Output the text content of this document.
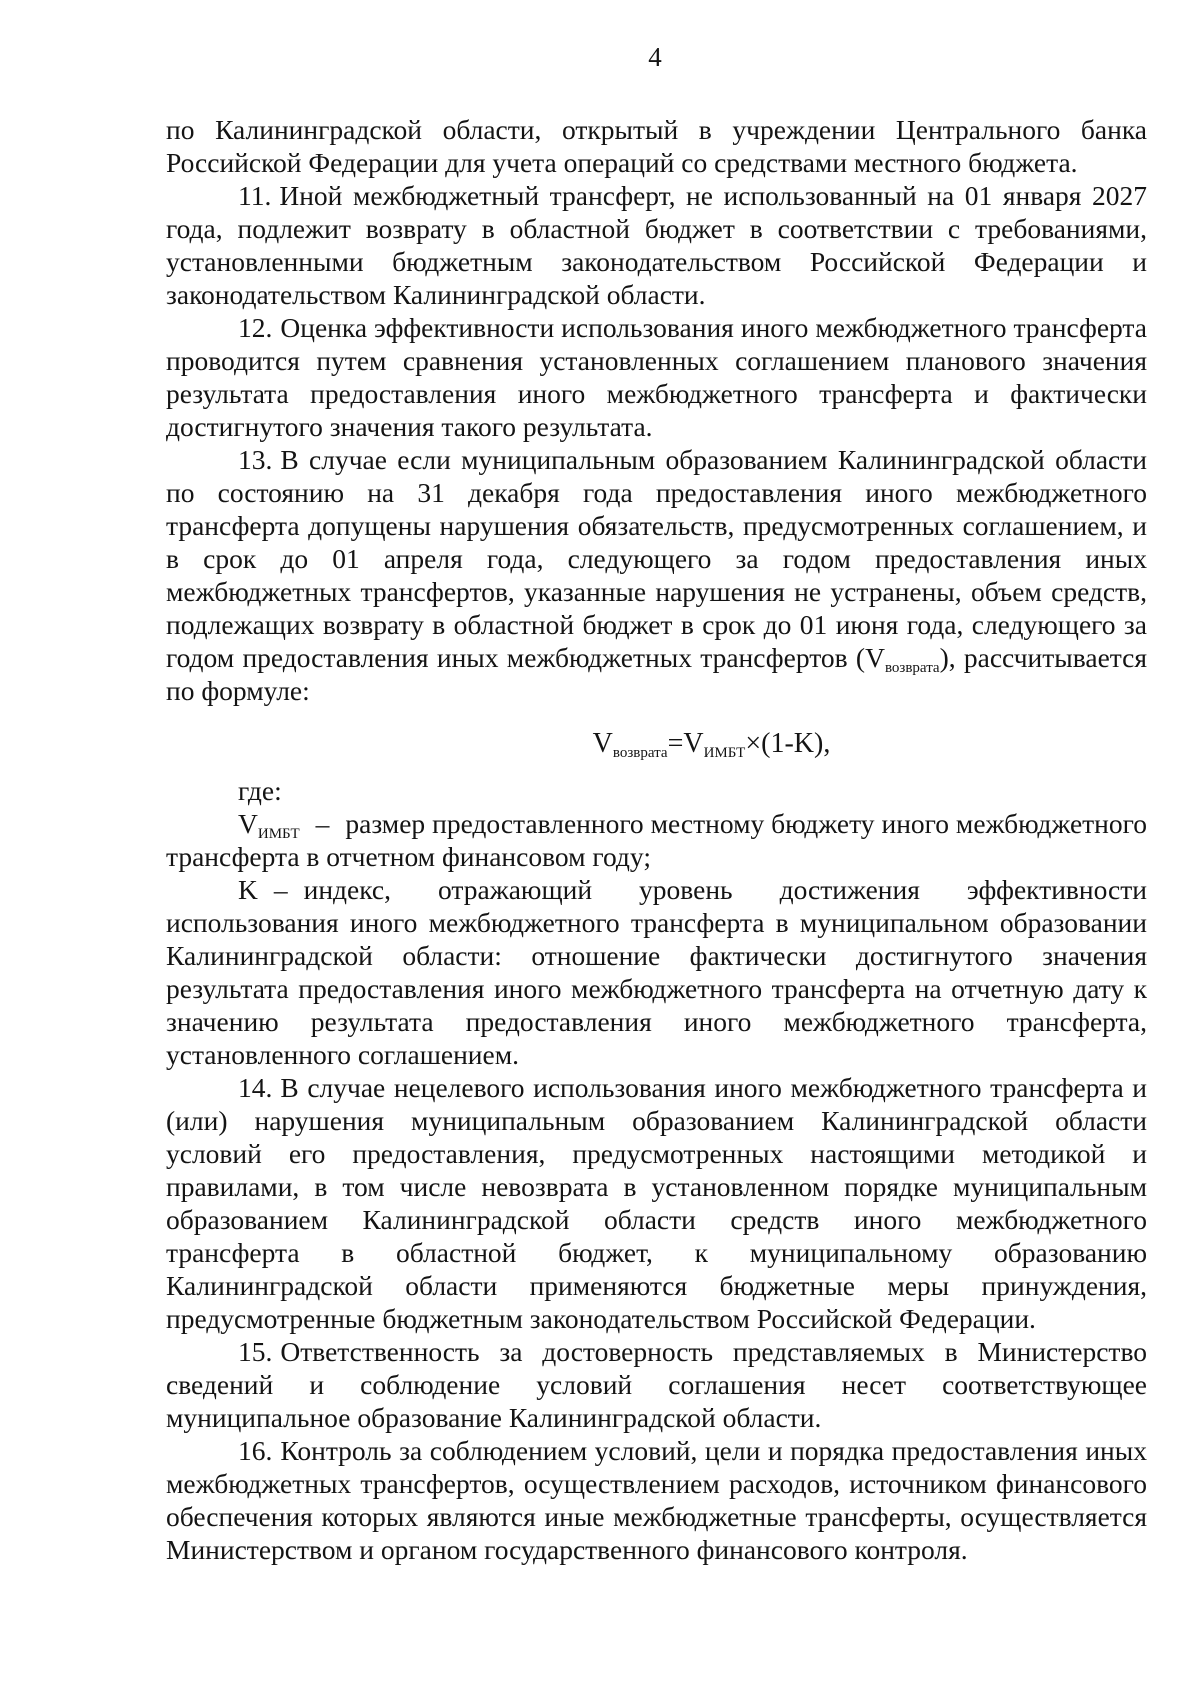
4

по Калининградской области, открытый в учреждении Центрального банка Российской Федерации для учета операций со средствами местного бюджета.

11. Иной межбюджетный трансферт, не использованный на 01 января 2027 года, подлежит возврату в областной бюджет в соответствии с требованиями, установленными бюджетным законодательством Российской Федерации и законодательством Калининградской области.

12. Оценка эффективности использования иного межбюджетного трансферта проводится путем сравнения установленных соглашением планового значения результата предоставления иного межбюджетного трансферта и фактически достигнутого значения такого результата.

13. В случае если муниципальным образованием Калининградской области по состоянию на 31 декабря года предоставления иного межбюджетного трансферта допущены нарушения обязательств, предусмотренных соглашением, и в срок до 01 апреля года, следующего за годом предоставления иных межбюджетных трансфертов, указанные нарушения не устранены, объем средств, подлежащих возврату в областной бюджет в срок до 01 июня года, следующего за годом предоставления иных межбюджетных трансфертов $(V_{возврата})$, рассчитывается по формуле:

$V_{возврата}=V_{ИМБТ}\times(1-K)$,

где:

$V_{ИМБТ}$ – размер предоставленного местному бюджету иного межбюджетного трансферта в отчетном финансовом году;

K – индекс, отражающий уровень достижения эффективности использования иного межбюджетного трансферта в муниципальном образовании Калининградской области: отношение фактически достигнутого значения результата предоставления иного межбюджетного трансферта на отчетную дату к значению результата предоставления иного межбюджетного трансферта, установленного соглашением.

14. В случае нецелевого использования иного межбюджетного трансферта и (или) нарушения муниципальным образованием Калининградской области условий его предоставления, предусмотренных настоящими методикой и правилами, в том числе невозврата в установленном порядке муниципальным образованием Калининградской области средств иного межбюджетного трансферта в областной бюджет, к муниципальному образованию Калининградской области применяются бюджетные меры принуждения, предусмотренные бюджетным законодательством Российской Федерации.

15. Ответственность за достоверность представляемых в Министерство сведений и соблюдение условий соглашения несет соответствующее муниципальное образование Калининградской области.

16. Контроль за соблюдением условий, цели и порядка предоставления иных межбюджетных трансфертов, осуществлением расходов, источником финансового обеспечения которых являются иные межбюджетные трансферты, осуществляется Министерством и органом государственного финансового контроля.
